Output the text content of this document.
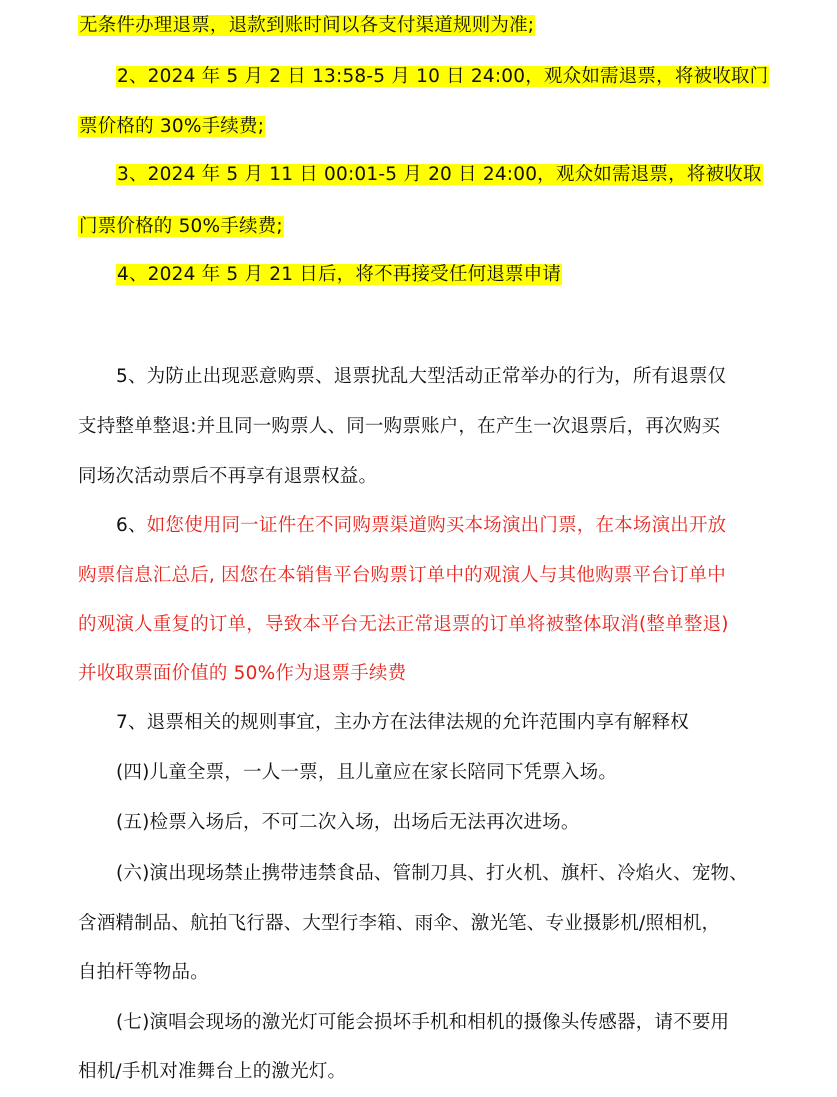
无条件办理退票，退款到账时间以各支付渠道规则为准;
2、2024 年 5 月 2 日 13:58-5 月 10 日 24:00，观众如需退票，将被收取门
票价格的 30%手续费;
3、2024 年 5 月 11 日 00:01-5 月 20 日 24:00，观众如需退票，将被收取
门票价格的 50%手续费;
4、2024 年 5 月 21 日后，将不再接受任何退票申请
5、为防止出现恶意购票、退票扰乱大型活动正常举办的行为，所有退票仅
支持整单整退:并且同一购票人、同一购票账户，在产生一次退票后，再次购买
同场次活动票后不再享有退票权益。
6、如您使用同一证件在不同购票渠道购买本场演出门票，在本场演出开放
购票信息汇总后, 因您在本销售平台购票订单中的观演人与其他购票平台订单中
的观演人重复的订单，导致本平台无法正常退票的订单将被整体取消(整单整退)
并收取票面价值的 50%作为退票手续费
7、退票相关的规则事宜，主办方在法律法规的允许范围内享有解释权
(四)儿童全票，一人一票，且儿童应在家长陪同下凭票入场。
(五)检票入场后，不可二次入场，出场后无法再次进场。
(六)演出现场禁止携带违禁食品、管制刀具、打火机、旗杆、冷焰火、宠物、
含酒精制品、航拍飞行器、大型行李箱、雨伞、激光笔、专业摄影机/照相机，
自拍杆等物品。
(七)演唱会现场的激光灯可能会损坏手机和相机的摄像头传感器，请不要用
相机/手机对准舞台上的激光灯。
